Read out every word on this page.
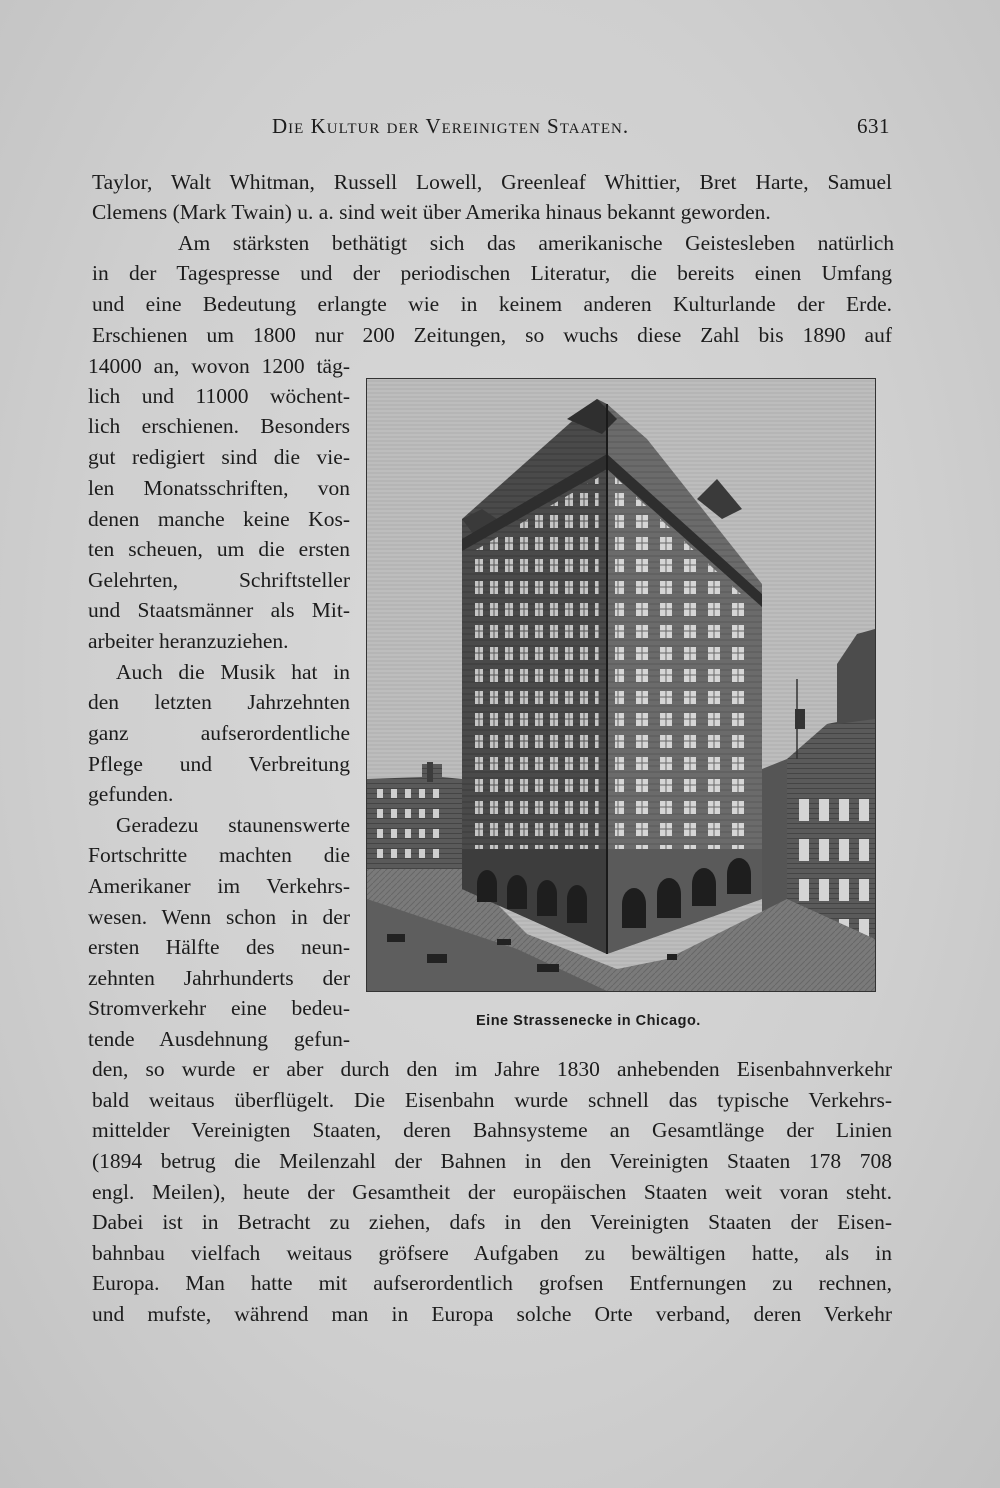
Die Kultur der Vereinigten Staaten.	631
Taylor, Walt Whitman, Russell Lowell, Greenleaf Whittier, Bret Harte, Samuel
Clemens (Mark Twain) u. a. sind weit über Amerika hinaus bekannt geworden.
Am stärksten bethätigt sich das amerikanische Geistesleben natürlich
in der Tagespresse und der periodischen Literatur, die bereits einen Umfang
und eine Bedeutung erlangte wie in keinem anderen Kulturlande der Erde.
Erschienen um 1800 nur 200 Zeitungen, so wuchs diese Zahl bis 1890 auf
14000 an, wovon 1200 täg-
lich und 11000 wöchent-
lich erschienen. Besonders
gut redigiert sind die vie-
len Monatsschriften, von
denen manche keine Kos-
ten scheuen, um die ersten
Gelehrten, Schriftsteller
und Staatsmänner als Mit-
arbeiter heranzuziehen.
Auch die Musik hat in
den letzten Jahrzehnten
ganz aufserordentliche
Pflege und Verbreitung
gefunden.
Geradezu staunenswerte
Fortschritte machten die
Amerikaner im Verkehrs-
wesen. Wenn schon in der
ersten Hälfte des neun-
zehnten Jahrhunderts der
Stromverkehr eine bedeu-
tende Ausdehnung gefun-
Eine Strassenecke in Chicago.
den, so wurde er aber durch den im Jahre 1830 anhebenden Eisenbahnverkehr
bald weitaus überflügelt. Die Eisenbahn wurde schnell das typische Verkehrs-
mittelder Vereinigten Staaten, deren Bahnsysteme an Gesamtlänge der Linien
(1894 betrug die Meilenzahl der Bahnen in den Vereinigten Staaten 178 708
engl. Meilen), heute der Gesamtheit der europäischen Staaten weit voran steht.
Dabei ist in Betracht zu ziehen, dafs in den Vereinigten Staaten der Eisen-
bahnbau vielfach weitaus gröfsere Aufgaben zu bewältigen hatte, als in
Europa. Man hatte mit aufserordentlich grofsen Entfernungen zu rechnen,
und mufste, während man in Europa solche Orte verband, deren Verkehr
